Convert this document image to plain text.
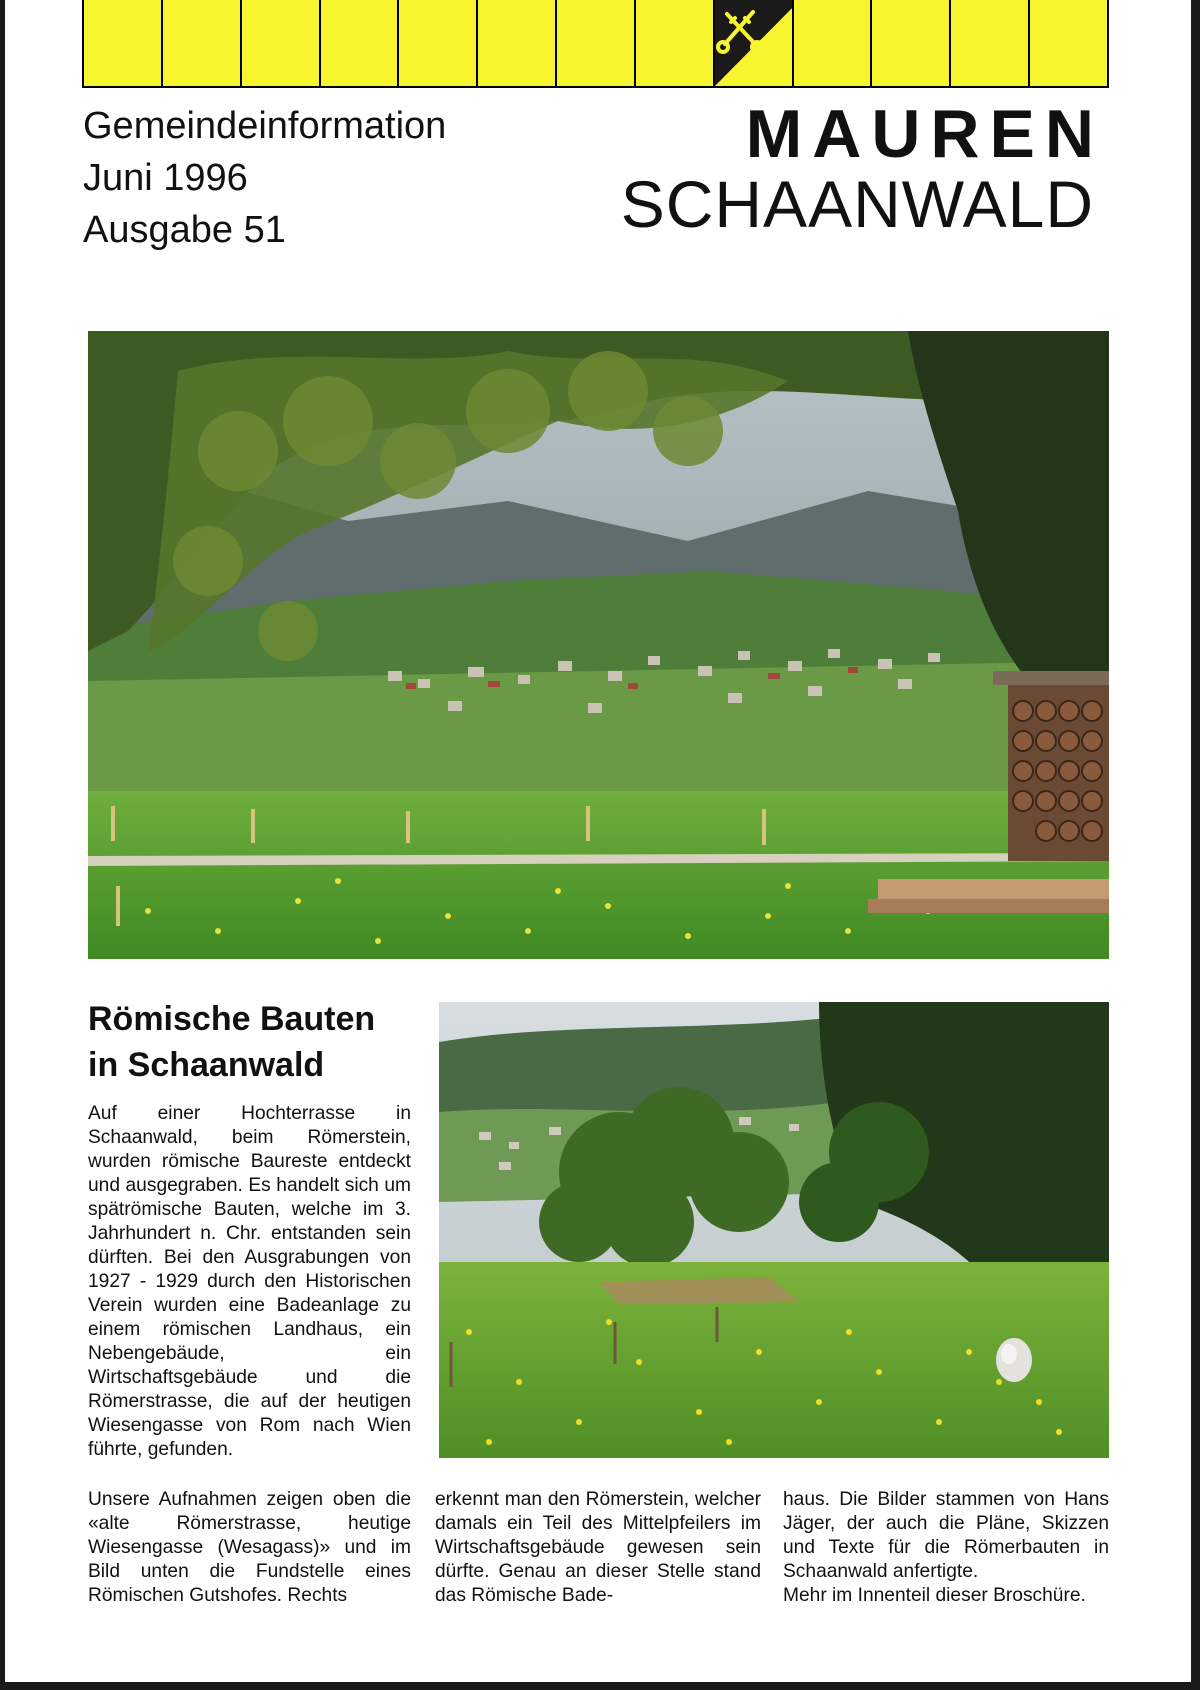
Gemeindeinformation
Juni 1996
Ausgabe 51
MAUREN
SCHAANWALD
Römische Bauten
in Schaanwald

Auf einer Hochterrasse in Schaanwald, beim Römerstein, wurden römische Baureste entdeckt und ausgegraben. Es handelt sich um spätrömische Bauten, welche im 3. Jahrhundert n. Chr. entstanden sein dürften. Bei den Ausgrabungen von 1927 - 1929 durch den Historischen Verein wurden eine Badeanlage zu einem römischen Landhaus, ein Nebengebäude, ein Wirtschaftsgebäude und die Römerstrasse, die auf der heutigen Wiesengasse von Rom nach Wien führte, gefunden.

Unsere Aufnahmen zeigen oben die «alte Römerstrasse, heutige Wiesengasse (Wesagass)» und im Bild unten die Fundstelle eines Römischen Gutshofes. Rechts

erkennt man den Römerstein, welcher damals ein Teil des Mittelpfeilers im Wirtschaftsgebäude gewesen sein dürfte. Genau an dieser Stelle stand das Römische Bade-

haus. Die Bilder stammen von Hans Jäger, der auch die Pläne, Skizzen und Texte für die Römerbauten in Schaanwald anfertigte.
Mehr im Innenteil dieser Broschüre.
